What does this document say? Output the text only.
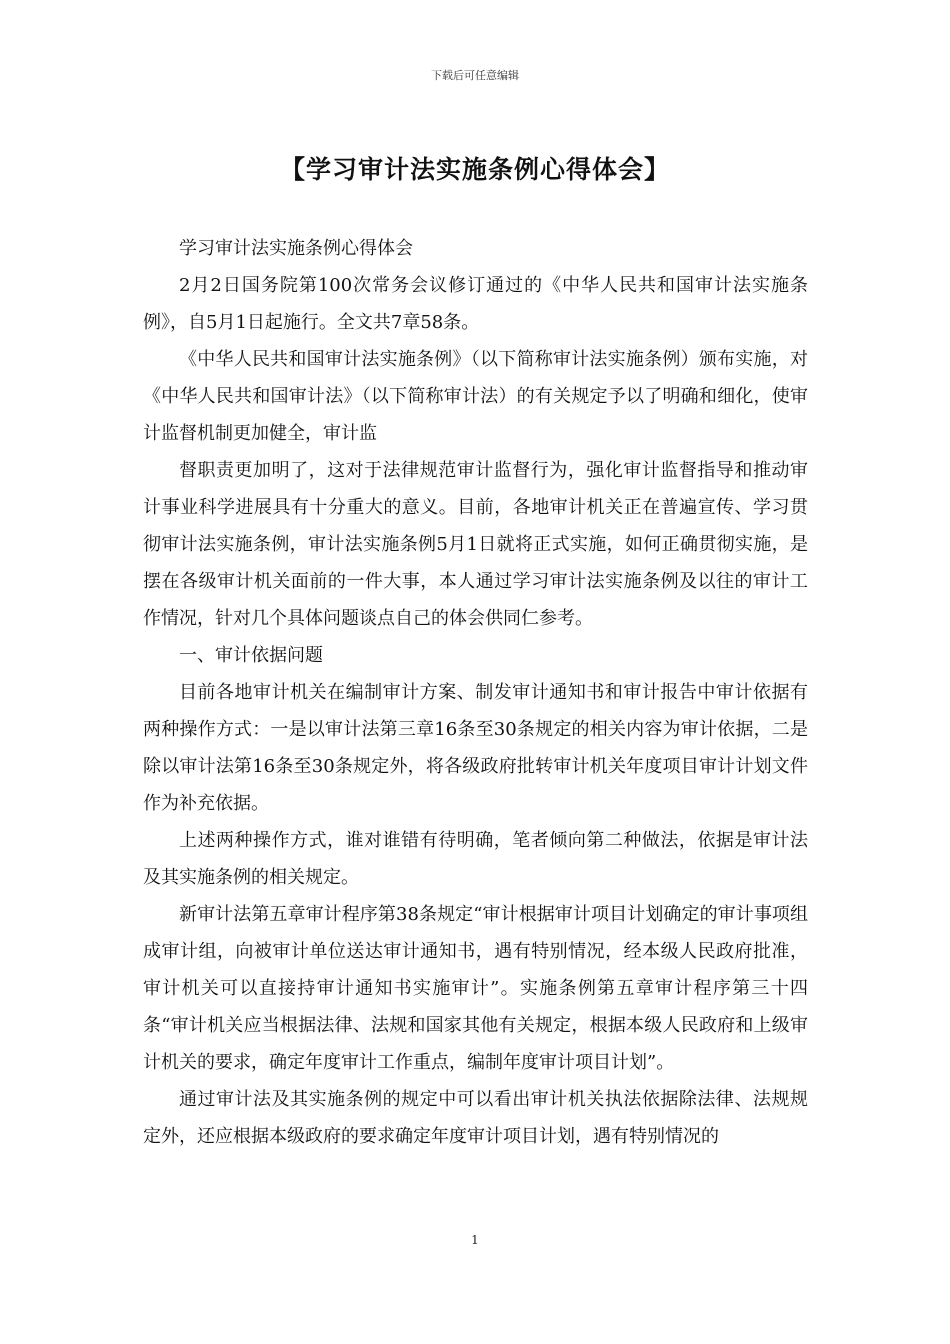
下载后可任意编辑
【学习审计法实施条例心得体会】

学习审计法实施条例心得体会

2月2日国务院第100次常务会议修订通过的《中华人民共和国审计法实施条例》，自5月1日起施行。全文共7章58条。

《中华人民共和国审计法实施条例》（以下简称审计法实施条例）颁布实施，对《中华人民共和国审计法》（以下简称审计法）的有关规定予以了明确和细化，使审计监督机制更加健全，审计监

督职责更加明了，这对于法律规范审计监督行为，强化审计监督指导和推动审计事业科学进展具有十分重大的意义。目前，各地审计机关正在普遍宣传、学习贯彻审计法实施条例，审计法实施条例5月1日就将正式实施，如何正确贯彻实施，是摆在各级审计机关面前的一件大事，本人通过学习审计法实施条例及以往的审计工作情况，针对几个具体问题谈点自己的体会供同仁参考。

一、审计依据问题

目前各地审计机关在编制审计方案、制发审计通知书和审计报告中审计依据有两种操作方式：一是以审计法第三章16条至30条规定的相关内容为审计依据，二是除以审计法第16条至30条规定外，将各级政府批转审计机关年度项目审计计划文件作为补充依据。

上述两种操作方式，谁对谁错有待明确，笔者倾向第二种做法，依据是审计法及其实施条例的相关规定。

新审计法第五章审计程序第38条规定“审计根据审计项目计划确定的审计事项组成审计组，向被审计单位送达审计通知书，遇有特别情况，经本级人民政府批准，审计机关可以直接持审计通知书实施审计”。实施条例第五章审计程序第三十四条“审计机关应当根据法律、法规和国家其他有关规定，根据本级人民政府和上级审计机关的要求，确定年度审计工作重点，编制年度审计项目计划”。

通过审计法及其实施条例的规定中可以看出审计机关执法依据除法律、法规规定外，还应根据本级政府的要求确定年度审计项目计划，遇有特别情况的

1
